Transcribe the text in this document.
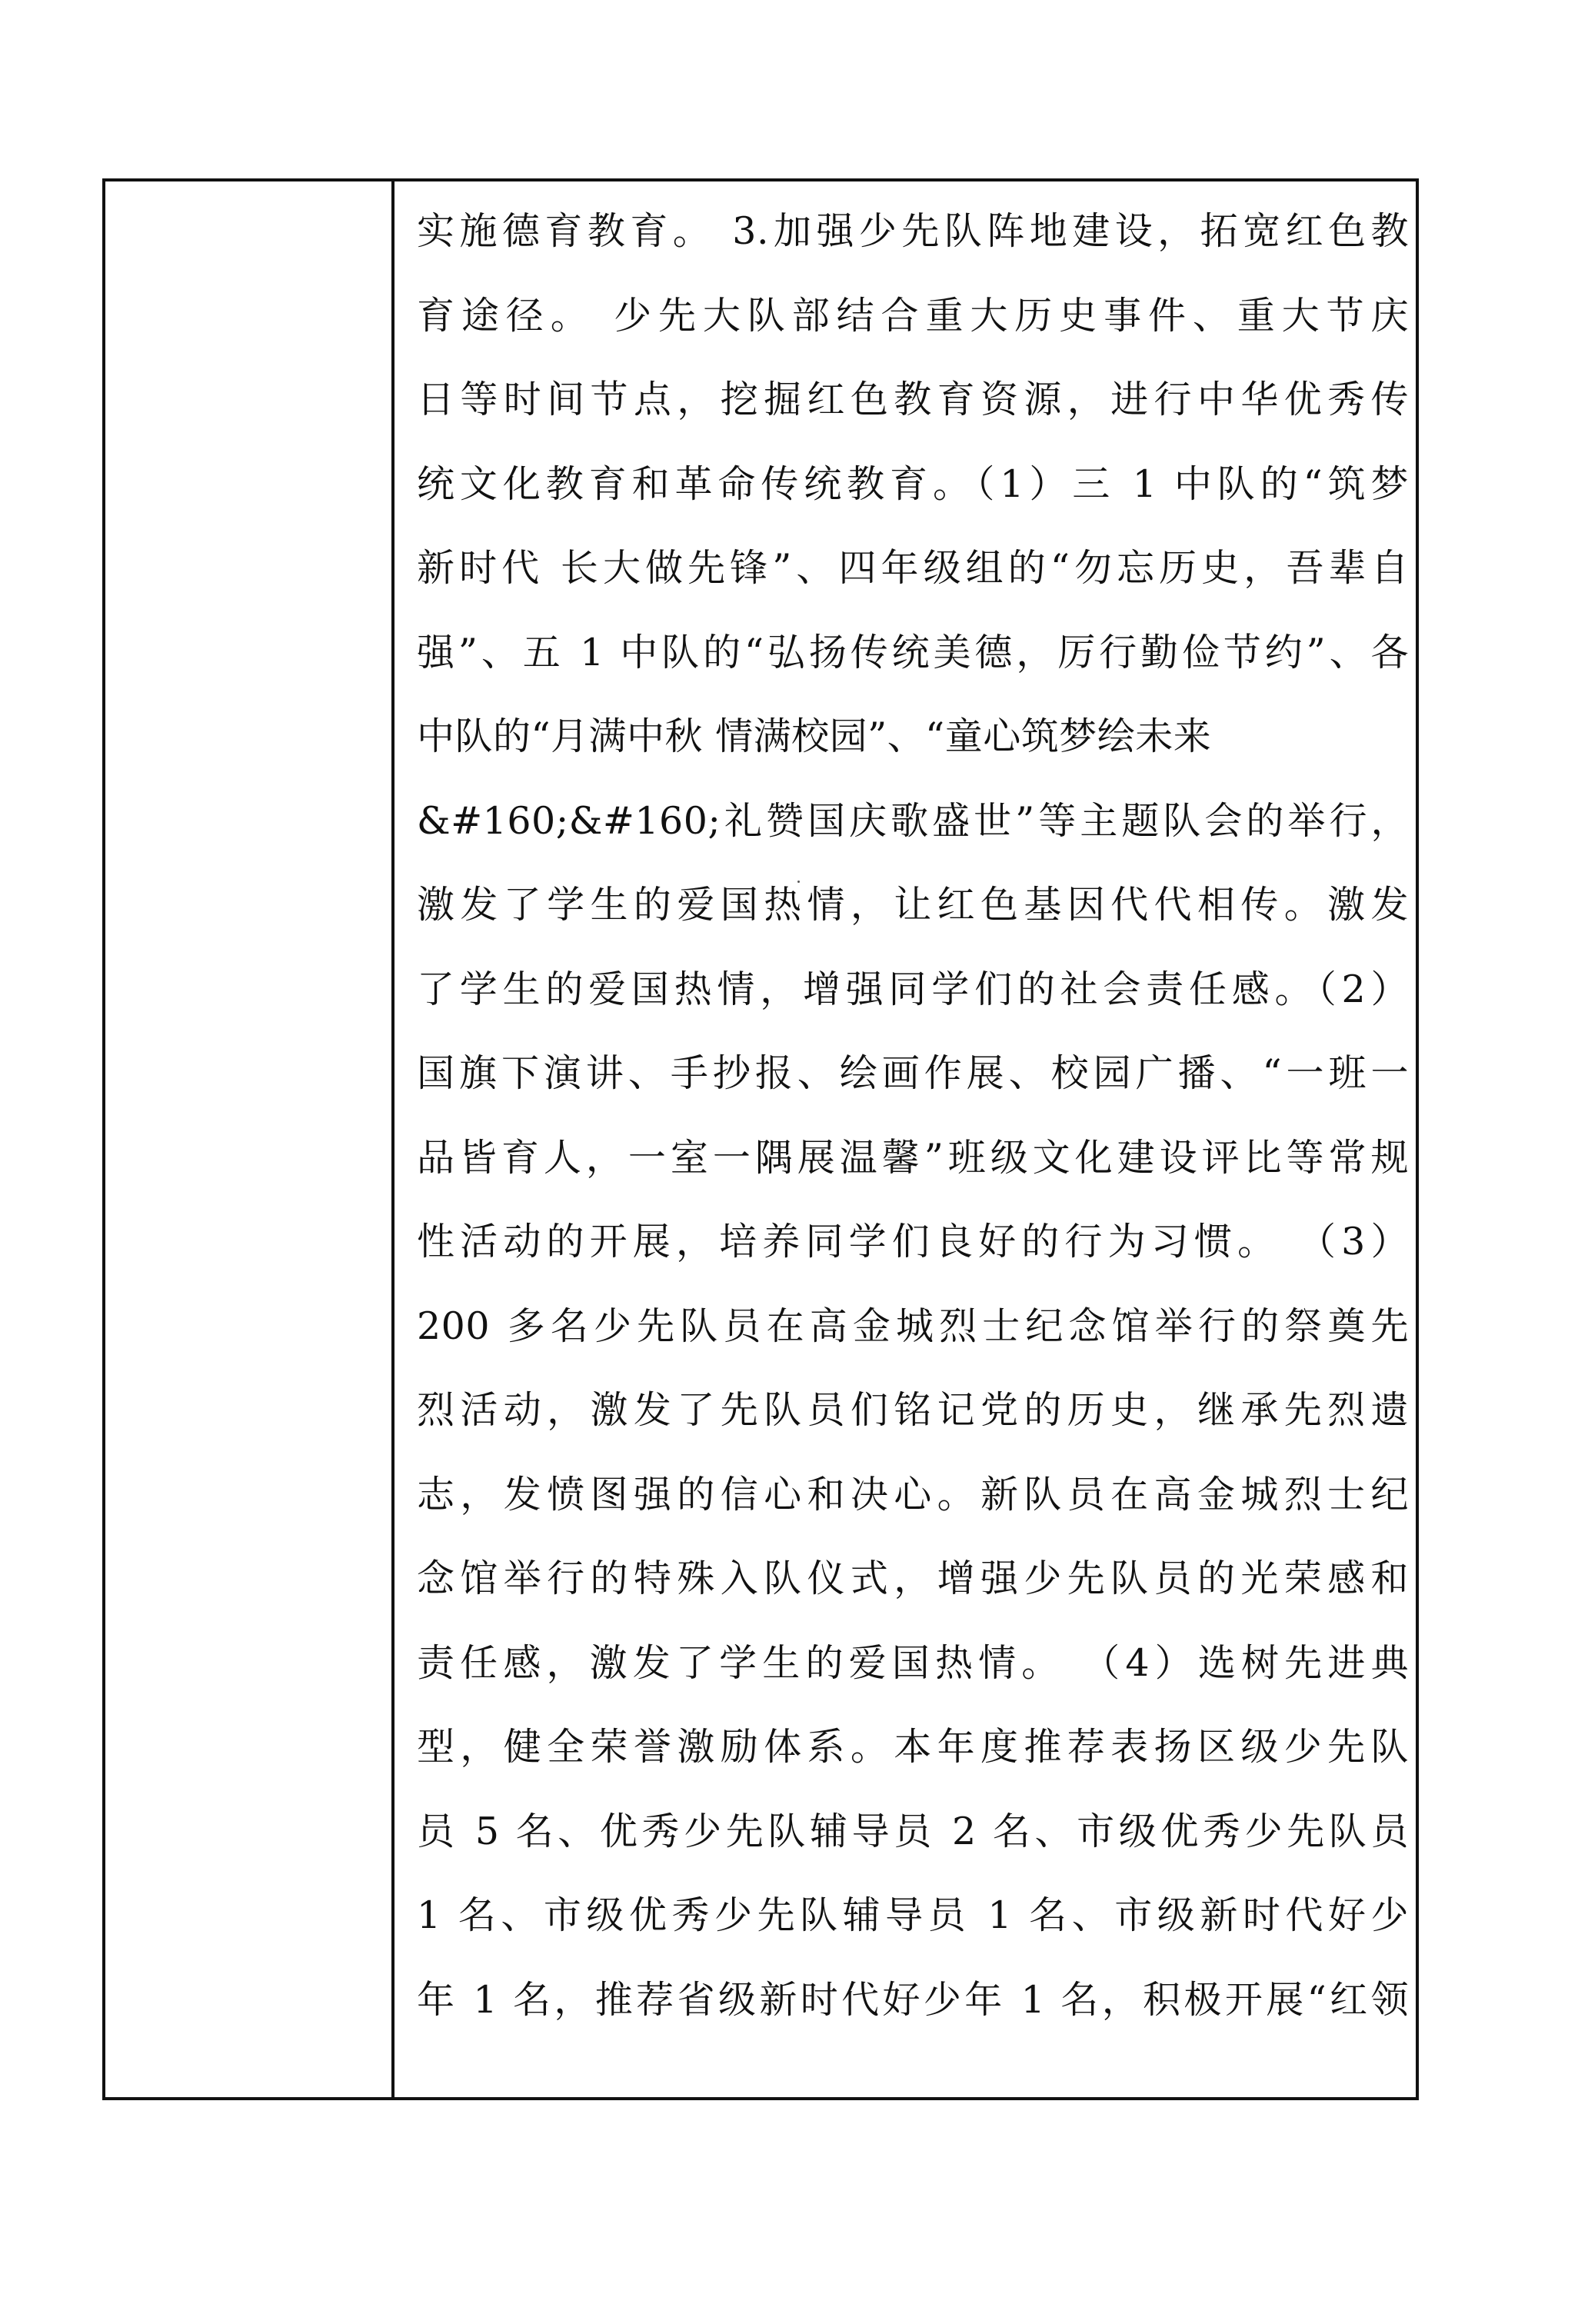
实施德育教育。 3.加强少先队阵地建设，拓宽红色教
育途径。 少先大队部结合重大历史事件、重大节庆
日等时间节点，挖掘红色教育资源，进行中华优秀传
统文化教育和革命传统教育。（1）三 1 中队的“筑梦
新时代 长大做先锋”、四年级组的“勿忘历史，吾辈自
强”、五 1 中队的“弘扬传统美德，厉行勤俭节约”、各
中队的“月满中秋 情满校园”、“童心筑梦绘未来
&#160;&#160;礼赞国庆歌盛世”等主题队会的举行，
激发了学生的爱国热情，让红色基因代代相传。激发
了学生的爱国热情，增强同学们的社会责任感。（2）
国旗下演讲、手抄报、绘画作展、校园广播、“一班一
品皆育人，一室一隅展温馨”班级文化建设评比等常规
性活动的开展，培养同学们良好的行为习惯。 （3）
200 多名少先队员在高金城烈士纪念馆举行的祭奠先
烈活动，激发了先队员们铭记党的历史，继承先烈遗
志，发愤图强的信心和决心。新队员在高金城烈士纪
念馆举行的特殊入队仪式，增强少先队员的光荣感和
责任感，激发了学生的爱国热情。 （4）选树先进典
型，健全荣誉激励体系。本年度推荐表扬区级少先队
员 5 名、优秀少先队辅导员 2 名、市级优秀少先队员
1 名、市级优秀少先队辅导员 1 名、市级新时代好少
年 1 名，推荐省级新时代好少年 1 名，积极开展“红领
